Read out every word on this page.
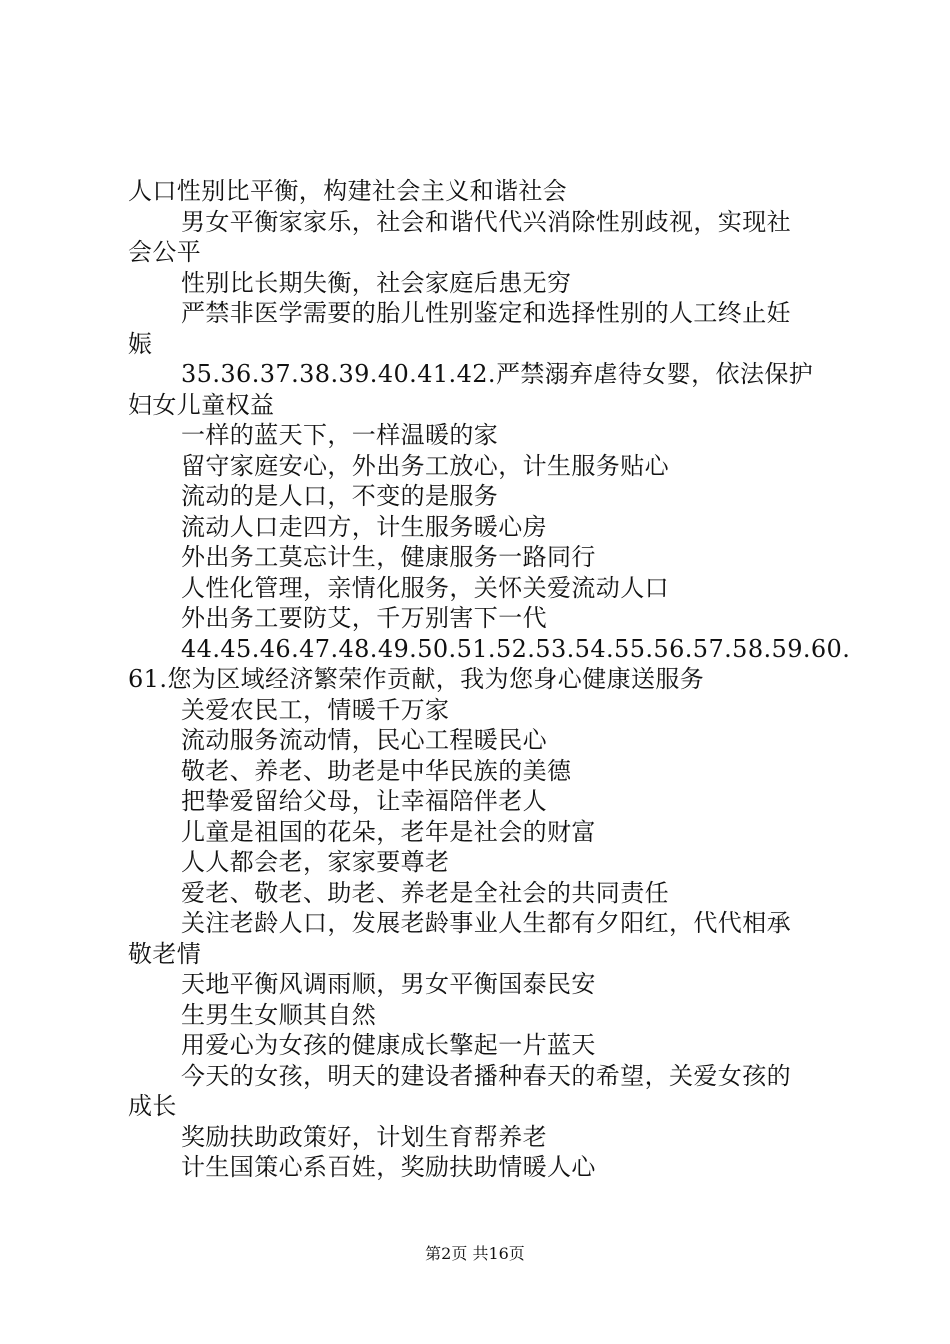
人口性别比平衡，构建社会主义和谐社会
男女平衡家家乐，社会和谐代代兴消除性别歧视，实现社
会公平
性别比长期失衡，社会家庭后患无穷
严禁非医学需要的胎儿性别鉴定和选择性别的人工终止妊
娠
35.36.37.38.39.40.41.42.严禁溺弃虐待女婴，依法保护
妇女儿童权益
一样的蓝天下，一样温暖的家
留守家庭安心，外出务工放心，计生服务贴心
流动的是人口，不变的是服务
流动人口走四方，计生服务暖心房
外出务工莫忘计生，健康服务一路同行
人性化管理，亲情化服务，关怀关爱流动人口
外出务工要防艾，千万别害下一代
44.45.46.47.48.49.50.51.52.53.54.55.56.57.58.59.60.
61.您为区域经济繁荣作贡献，我为您身心健康送服务
关爱农民工，情暖千万家
流动服务流动情，民心工程暖民心
敬老、养老、助老是中华民族的美德
把挚爱留给父母，让幸福陪伴老人
儿童是祖国的花朵，老年是社会的财富
人人都会老，家家要尊老
爱老、敬老、助老、养老是全社会的共同责任
关注老龄人口，发展老龄事业人生都有夕阳红，代代相承
敬老情
天地平衡风调雨顺，男女平衡国泰民安
生男生女顺其自然
用爱心为女孩的健康成长擎起一片蓝天
今天的女孩，明天的建设者播种春天的希望，关爱女孩的
成长
奖励扶助政策好，计划生育帮养老
计生国策心系百姓，奖励扶助情暖人心
第2页 共16页
